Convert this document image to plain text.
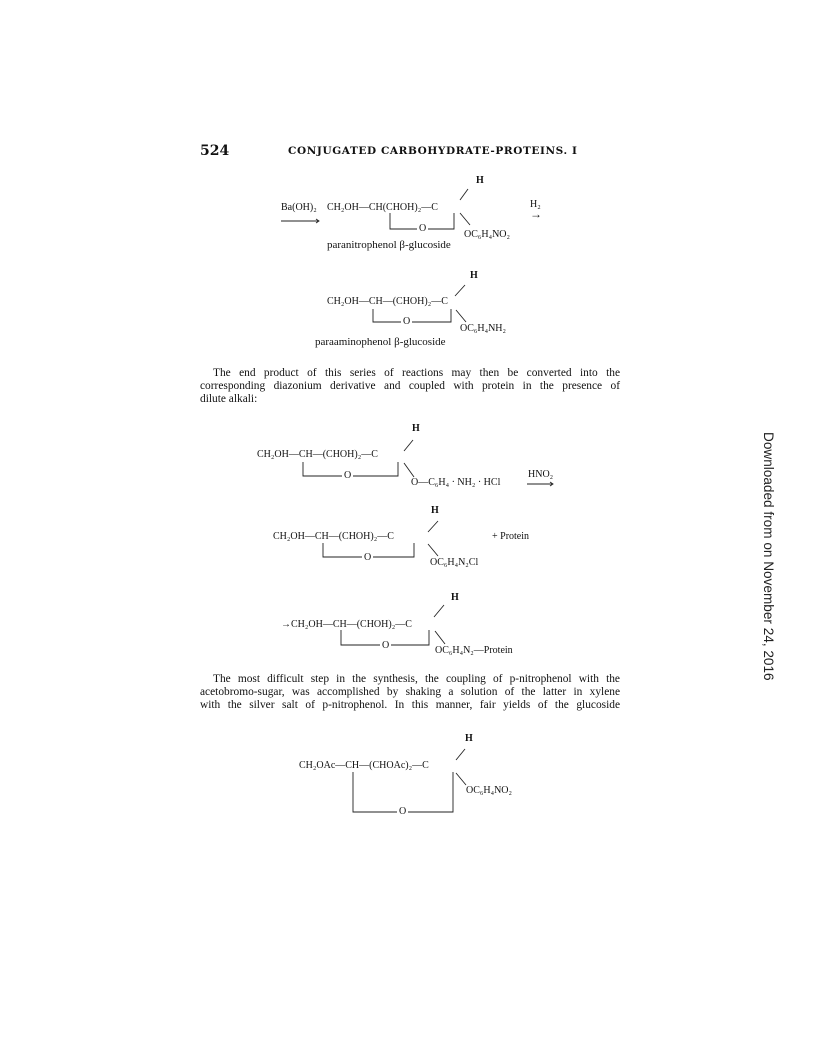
524	CONJUGATED CARBOHYDRATE-PROTEINS. I
H
Ba(OH)₂ CH₂OH—CH(CHOH)₂—C	H₂
→
O
OC₆H₄NO₂
paranitrophenol β-glucoside
H
CH₂OH—CH—(CHOH)₂—C
O
OC₆H₄NH₂
paraaminophenol β-glucoside
The end product of this series of reactions may then be converted into the
corresponding diazonium derivative and coupled with protein in the presence of
dilute alkali:
H
CH₂OH—CH—(CHOH)₂—C
O
O—C₆H₄ · NH₂ · HCl
HNO₂
H
CH₂OH—CH—(CHOH)₂—C	+ Protein
O	OC₆H₄N₂Cl
H
→CH₂OH—CH—(CHOH)₂—C
O	OC₆H₄N₂—Protein
The most difficult step in the synthesis, the coupling of p-nitrophenol with the
acetobromo-sugar, was accomplished by shaking a solution of the latter in xylene
with the silver salt of p-nitrophenol. In this manner, fair yields of the glucoside
H
CH₂OAc—CH—(CHOAc)₂—C
OC₆H₄NO₂
O
Downloaded from on November 24, 2016
